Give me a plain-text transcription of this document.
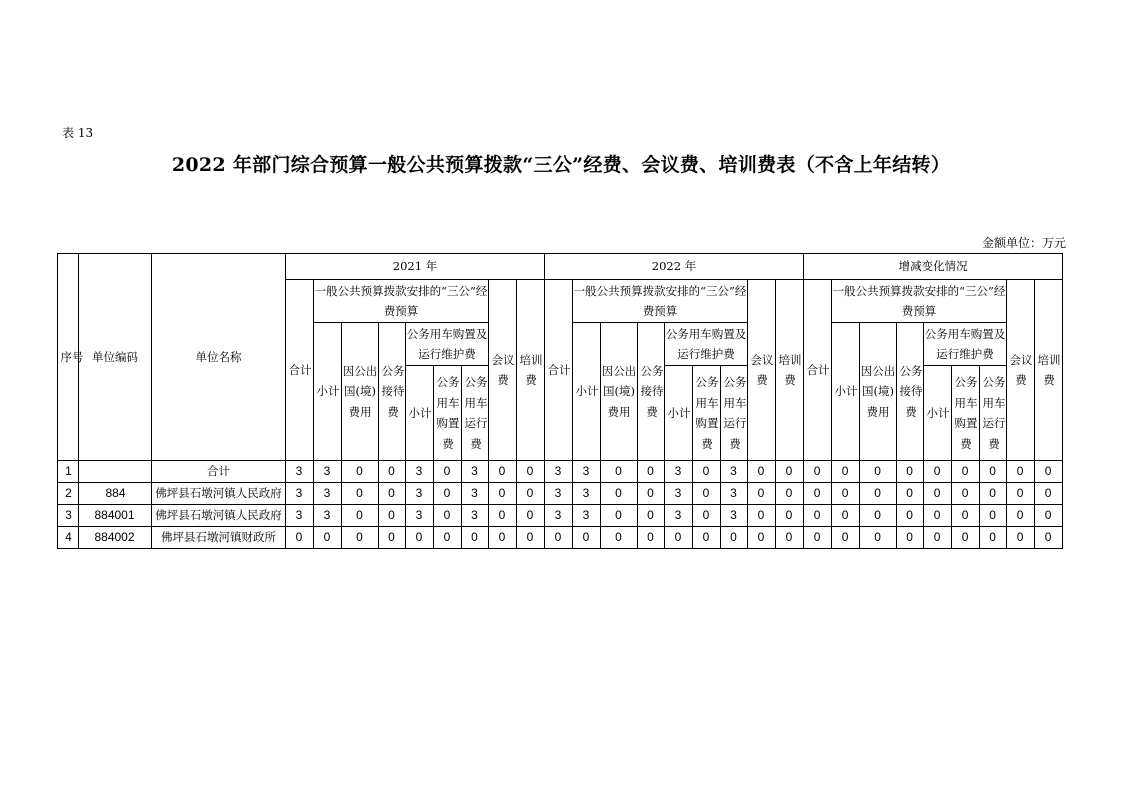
表 13
2022 年部门综合预算一般公共预算拨款“三公”经费、会议费、培训费表（不含上年结转）
金额单位：万元
序号	单位编码	单位名称	2021 年									2022 年									增减变化情况								
			合计	一般公共预算拨款安排的“三公”经费预算						会议费	培训费	合计	一般公共预算拨款安排的“三公”经费预算						会议费	培训费	合计	一般公共预算拨款安排的“三公”经费预算						会议费	培训费
				小计	因公出国(境)费用	公务接待费	公务用车购置及运行维护费						小计	因公出国(境)费用	公务接待费	公务用车购置及运行维护费						小计	因公出国(境)费用	公务接待费	公务用车购置及运行维护费				
							小计	公务用车购置费	公务用车运行费							小计	公务用车购置费	公务用车运行费							小计	公务用车购置费	公务用车运行费		
1		合计	3	3	0	0	3	0	3	0	0	3	3	0	0	3	0	3	0	0	0	0	0	0	0	0	0	0	0
2	884	佛坪县石墩河镇人民政府	3	3	0	0	3	0	3	0	0	3	3	0	0	3	0	3	0	0	0	0	0	0	0	0	0	0	0
3	884001	佛坪县石墩河镇人民政府	3	3	0	0	3	0	3	0	0	3	3	0	0	3	0	3	0	0	0	0	0	0	0	0	0	0	0
4	884002	佛坪县石墩河镇财政所	0	0	0	0	0	0	0	0	0	0	0	0	0	0	0	0	0	0	0	0	0	0	0	0	0	0	0
